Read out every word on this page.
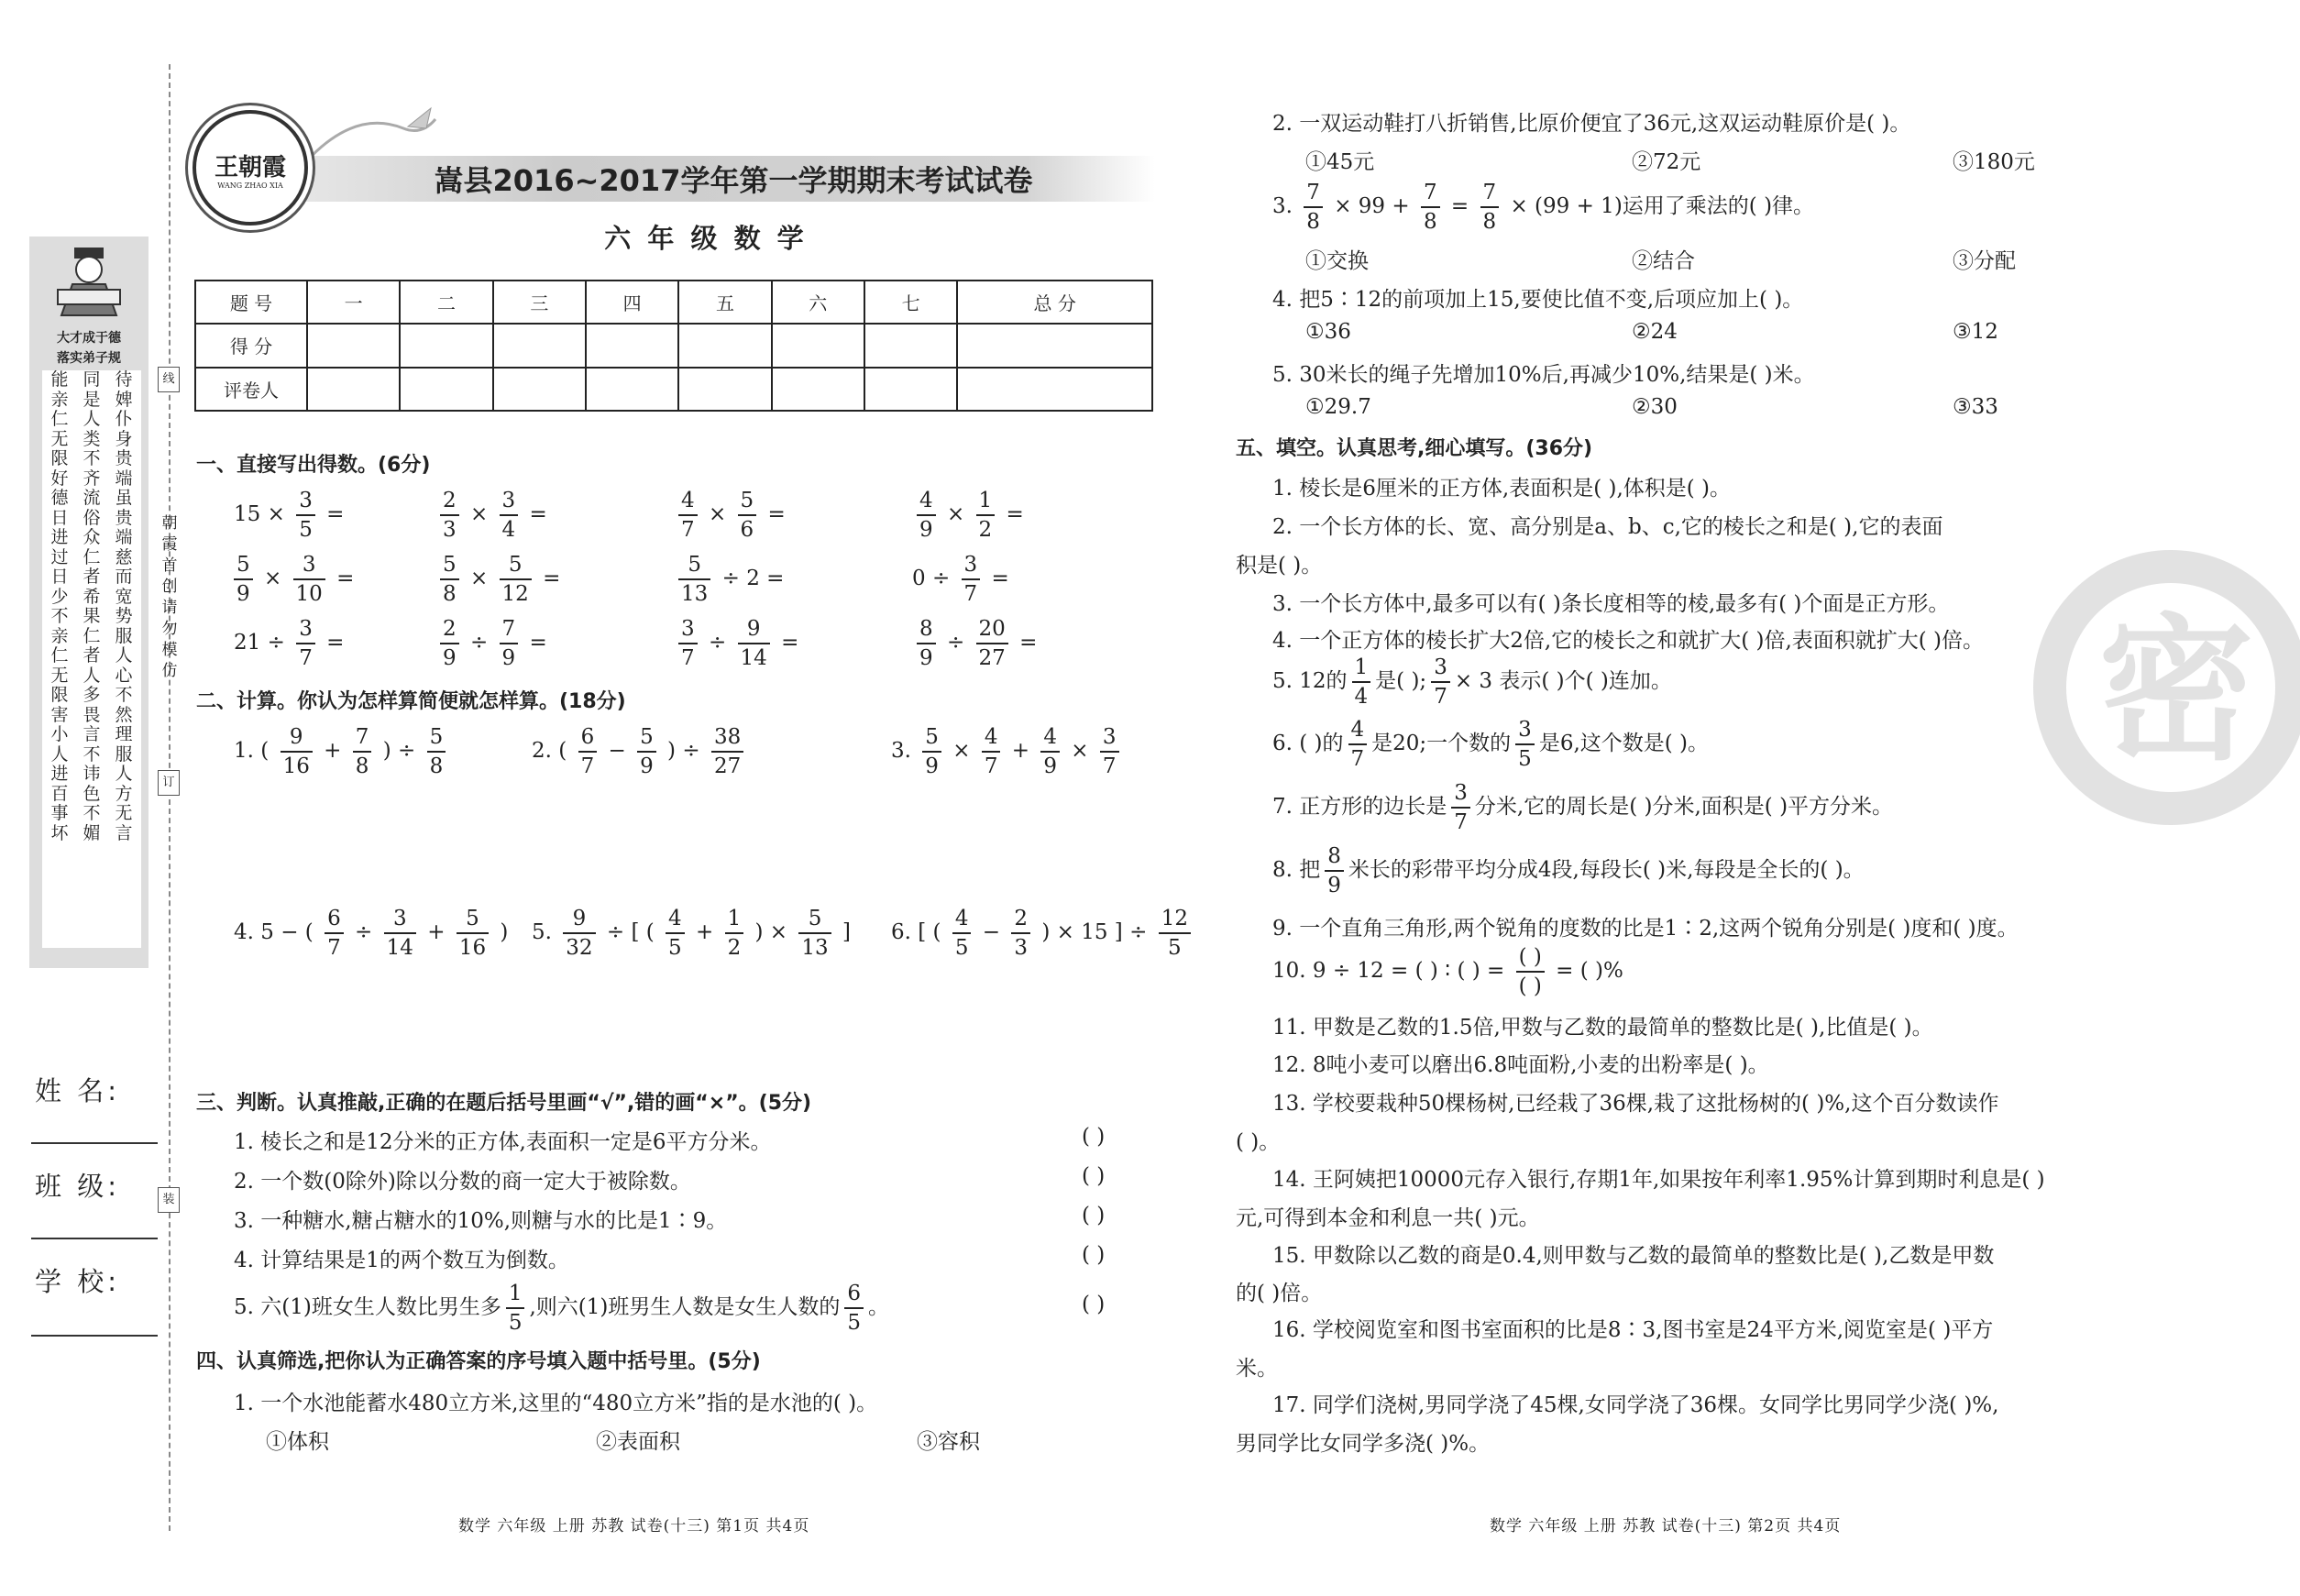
大才成于德
落实弟子规
能亲仁无限好德日进过日少不亲仁无限害小人进百事坏
同是人类不齐流俗众仁者希果仁者人多畏言不讳色不媚
待婢仆身贵端虽贵端慈而宽势服人心不然理服人方无言
朝霞首创 请勿模仿
线
订
装
姓 名:
班 级:
学 校:
王朝霞
WANG ZHAO XIA	嵩县2016~2017学年第一学期期末考试试卷
六 年 级 数 学
题 号	一	二	三	四	五	六	七	总 分
得 分								
评卷人								
一、直接写出得数。(6分)
$15 \times \frac{3}{5}$ =	$\frac{2}{3} \times \frac{3}{4}$ =	$\frac{4}{7} \times \frac{5}{6}$ =	$\frac{4}{9} \times \frac{1}{2}$ =
$\frac{5}{9} \times \frac{3}{10}$ =	$\frac{5}{8} \times \frac{5}{12}$ =	$\frac{5}{13} \div 2$ =	$0 \div \frac{3}{7}$ =
$21 \div \frac{3}{7}$ =	$\frac{2}{9} \div \frac{7}{9}$ =	$\frac{3}{7} \div \frac{9}{14}$ =	$\frac{8}{9} \div \frac{20}{27}$ =
二、计算。你认为怎样算简便就怎样算。(18分)
1. ( $\frac{9}{16} + \frac{7}{8}$ ) ÷ $\frac{5}{8}$	2. ( $\frac{6}{7} - \frac{5}{9}$ ) ÷ $\frac{38}{27}$	3. $\frac{5}{9} \times \frac{4}{7} + \frac{4}{9} \times \frac{3}{7}$
4. 5 − ( $\frac{6}{7} \div \frac{3}{14} + \frac{5}{16}$ ) 5. $\frac{9}{32}$ ÷ [ ( $\frac{4}{5} + \frac{1}{2}$ ) × $\frac{5}{13}$ ] 6. [ ( $\frac{4}{5} - \frac{2}{3}$ ) × 15 ] ÷ $\frac{12}{5}$
三、判断。认真推敲,正确的在题后括号里画“√”,错的画“×”。(5分)
1. 棱长之和是12分米的正方体,表面积一定是6平方分米。	( )
2. 一个数(0除外)除以分数的商一定大于被除数。	( )
3. 一种糖水,糖占糖水的10%,则糖与水的比是1∶9。	( )
4. 计算结果是1的两个数互为倒数。	( )
5. 六(1)班女生人数比男生多 $\frac{1}{5}$ ,则六(1)班男生人数是女生人数的 $\frac{6}{5}$ 。	( )
四、认真筛选,把你认为正确答案的序号填入题中括号里。(5分)
1. 一个水池能蓄水480立方米,这里的“480立方米”指的是水池的( )。
①体积	②表面积	③容积
2. 一双运动鞋打八折销售,比原价便宜了36元,这双运动鞋原价是( )。
①45元	②72元	③180元
3. $\frac{7}{8} \times 99 + \frac{7}{8} = \frac{7}{8} \times (99 + 1)$运用了乘法的( )律。
①交换	②结合	③分配
4. 把5∶12的前项加上15,要使比值不变,后项应加上( )。
①36	②24	③12
5. 30米长的绳子先增加10%后,再减少10%,结果是( )米。
①29.7	②30	③33
五、填空。认真思考,细心填写。(36分)
1. 棱长是6厘米的正方体,表面积是( ),体积是( )。
2. 一个长方体的长、宽、高分别是a、b、c,它的棱长之和是( ),它的表面
积是( )。
3. 一个长方体中,最多可以有( )条长度相等的棱,最多有( )个面是正方形。
4. 一个正方体的棱长扩大2倍,它的棱长之和就扩大( )倍,表面积就扩大( )倍。
5. 12的 $\frac{1}{4}$ 是( ); $\frac{3}{7} \times 3$ 表示( )个( )连加。
6. ( )的 $\frac{4}{7}$ 是20;一个数的 $\frac{3}{5}$ 是6,这个数是( )。
7. 正方形的边长是 $\frac{3}{7}$ 分米,它的周长是( )分米,面积是( )平方分米。
8. 把 $\frac{8}{9}$ 米长的彩带平均分成4段,每段长( )米,每段是全长的( )。
9. 一个直角三角形,两个锐角的度数的比是1∶2,这两个锐角分别是( )度和( )度。
10. 9 ÷ 12 = ( ) ∶ ( ) = $\frac{( )}{( )}$ = ( )%
11. 甲数是乙数的1.5倍,甲数与乙数的最简单的整数比是( ),比值是( )。
12. 8吨小麦可以磨出6.8吨面粉,小麦的出粉率是( )。
13. 学校要栽种50棵杨树,已经栽了36棵,栽了这批杨树的( )%,这个百分数读作
( )。
14. 王阿姨把10000元存入银行,存期1年,如果按年利率1.95%计算到期时利息是( )
元,可得到本金和利息一共( )元。
15. 甲数除以乙数的商是0.4,则甲数与乙数的最简单的整数比是( ),乙数是甲数
的( )倍。
16. 学校阅览室和图书室面积的比是8∶3,图书室是24平方米,阅览室是( )平方
米。
17. 同学们浇树,男同学浇了45棵,女同学浇了36棵。女同学比男同学少浇( )%,
男同学比女同学多浇( )%。
密
数学 六年级 上册 苏教 试卷(十三) 第1页 共4页	数学 六年级 上册 苏教 试卷(十三) 第2页 共4页
